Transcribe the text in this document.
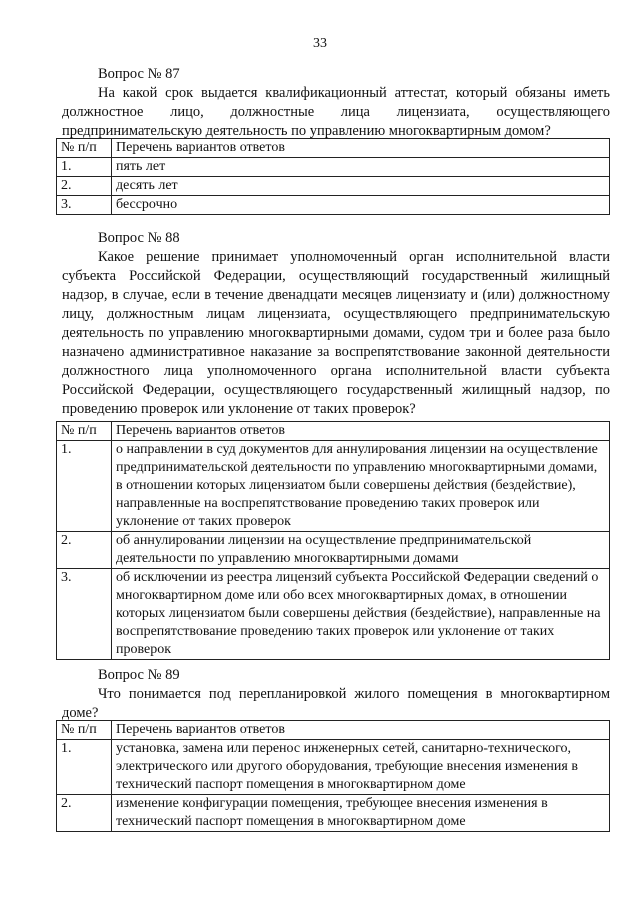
33
Вопрос № 87
На какой срок выдается квалификационный аттестат, который обязаны иметь должностное лицо, должностные лица лицензиата, осуществляющего предпринимательскую деятельность по управлению многоквартирным домом?
№ п/п	Перечень вариантов ответов
1.	пять лет
2.	десять лет
3.	бессрочно
Вопрос № 88
Какое решение принимает уполномоченный орган исполнительной власти субъекта Российской Федерации, осуществляющий государственный жилищный надзор, в случае, если в течение двенадцати месяцев лицензиату и (или) должностному лицу, должностным лицам лицензиата, осуществляющего предпринимательскую деятельность по управлению многоквартирными домами, судом три и более раза было назначено административное наказание за воспрепятствование законной деятельности должностного лица уполномоченного органа исполнительной власти субъекта Российской Федерации, осуществляющего государственный жилищный надзор, по проведению проверок или уклонение от таких проверок?
№ п/п	Перечень вариантов ответов
1.	о направлении в суд документов для аннулирования лицензии на осуществление предпринимательской деятельности по управлению многоквартирными домами, в отношении которых лицензиатом были совершены действия (бездействие), направленные на воспрепятствование проведению таких проверок или уклонение от таких проверок
2.	об аннулировании лицензии на осуществление предпринимательской деятельности по управлению многоквартирными домами
3.	об исключении из реестра лицензий субъекта Российской Федерации сведений о многоквартирном доме или обо всех многоквартирных домах, в отношении которых лицензиатом были совершены действия (бездействие), направленные на воспрепятствование проведению таких проверок или уклонение от таких проверок
Вопрос № 89
Что понимается под перепланировкой жилого помещения в многоквартирном доме?
№ п/п	Перечень вариантов ответов
1.	установка, замена или перенос инженерных сетей, санитарно-технического, электрического или другого оборудования, требующие внесения изменения в технический паспорт помещения в многоквартирном доме
2.	изменение конфигурации помещения, требующее внесения изменения в технический паспорт помещения в многоквартирном доме
